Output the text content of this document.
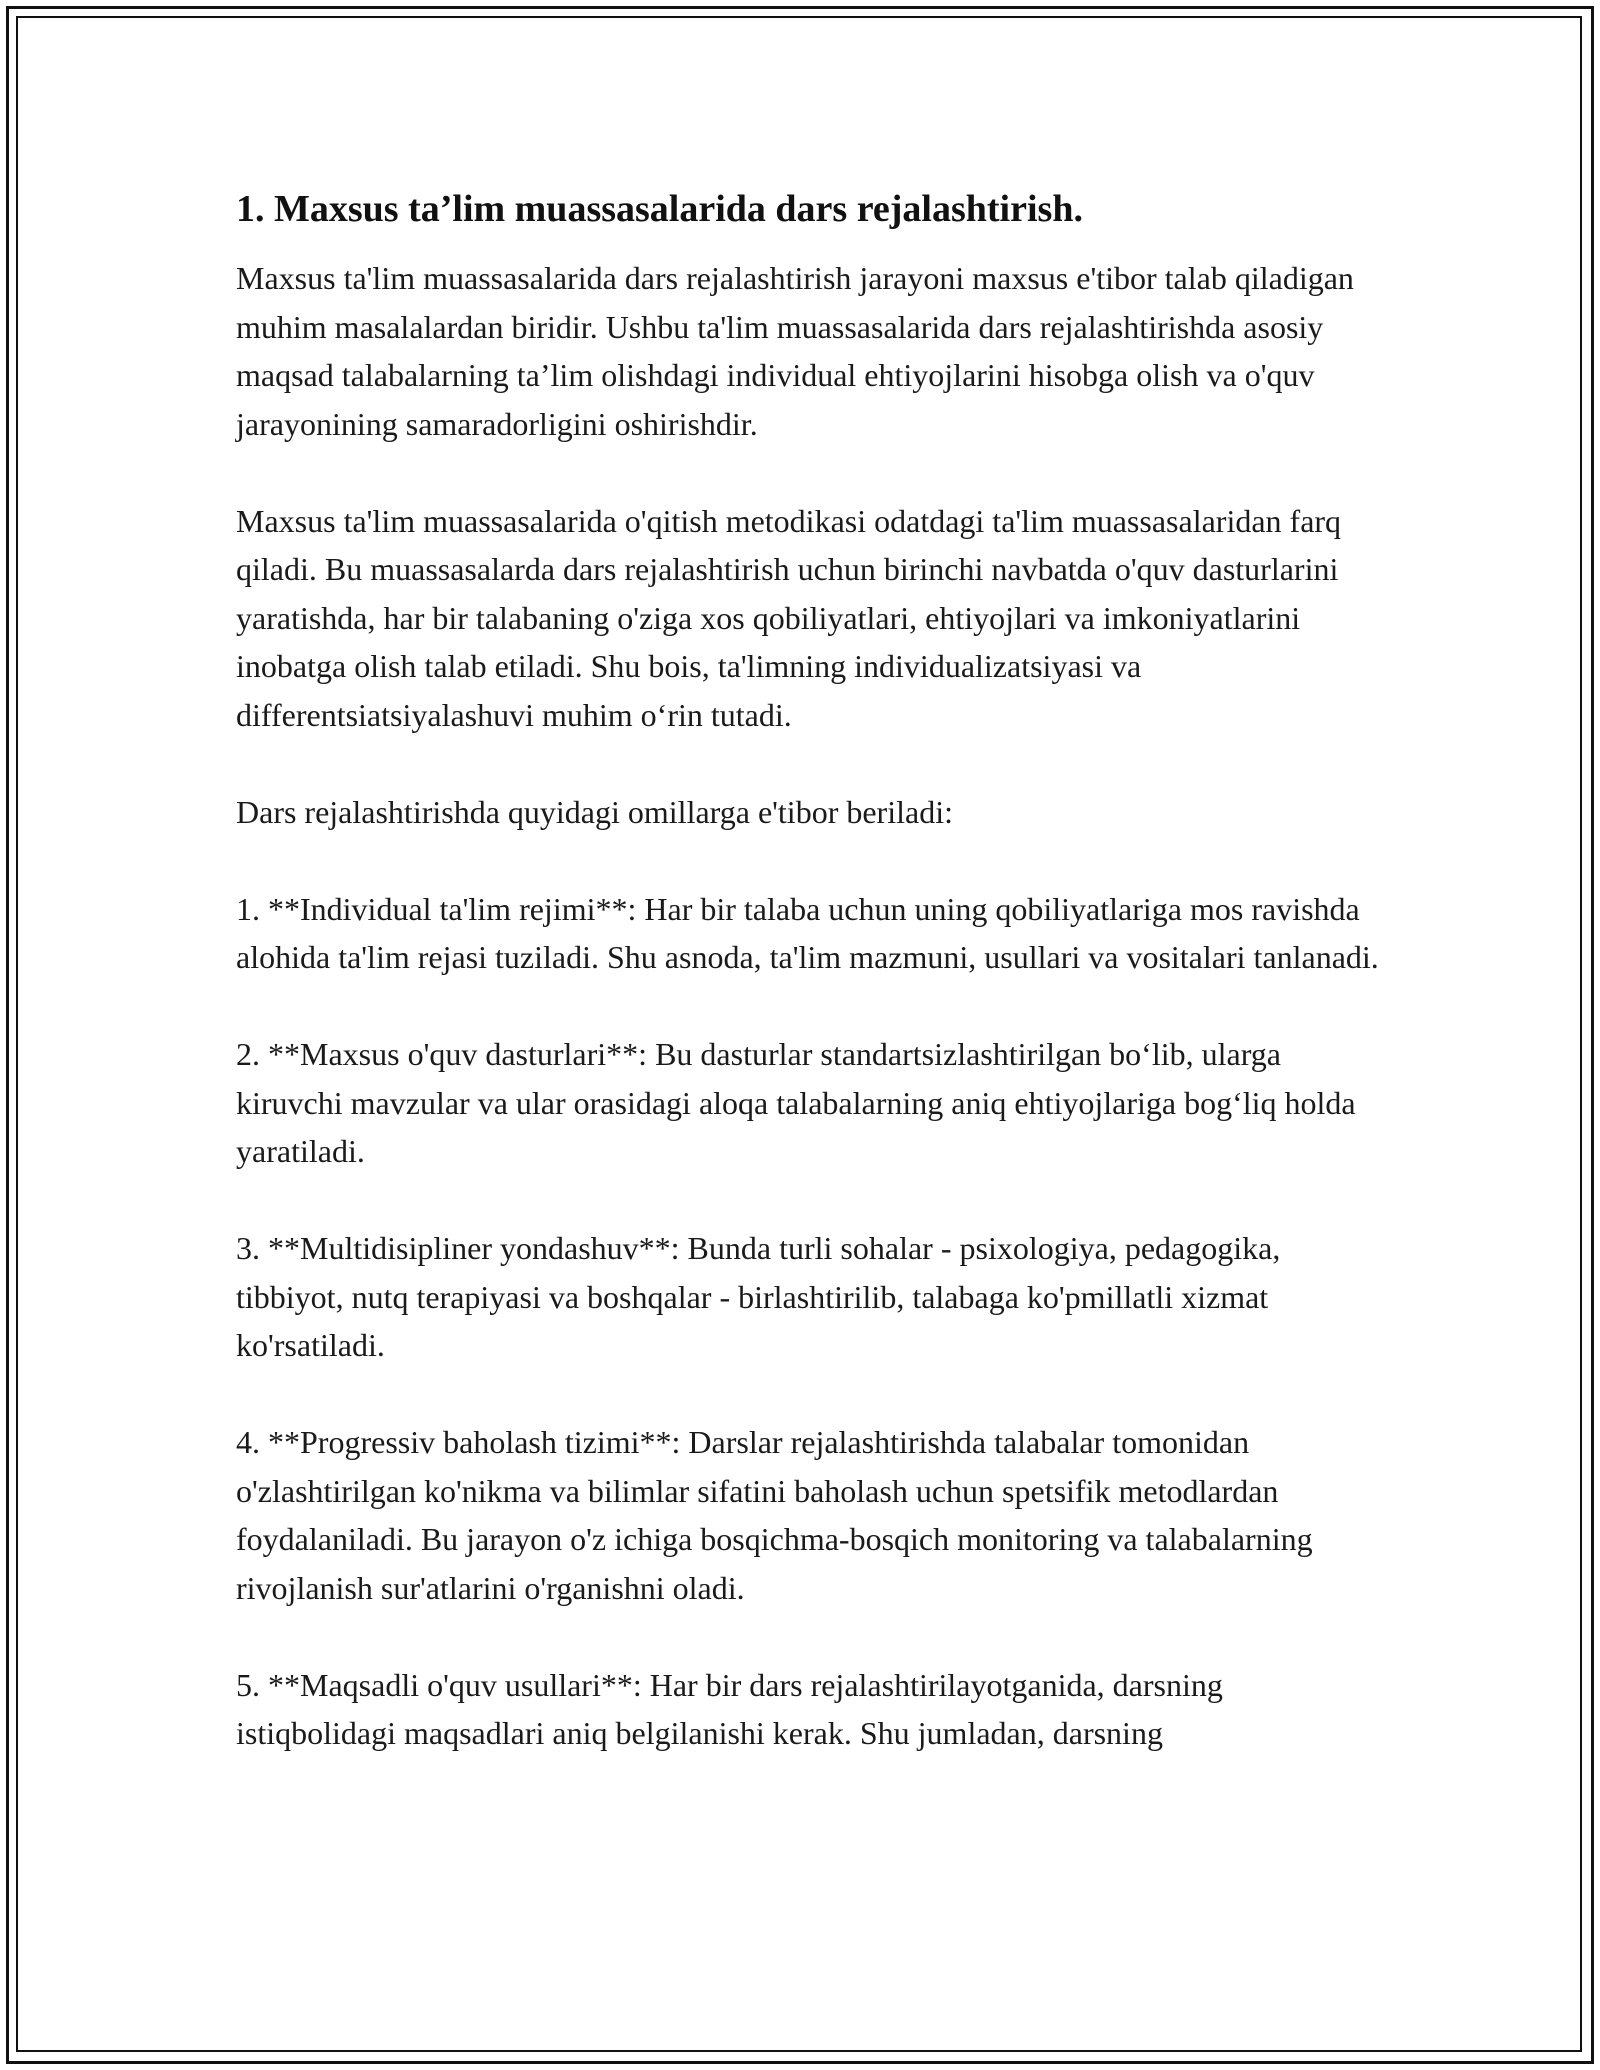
1. Maxsus ta’lim muassasalarida dars rejalashtirish.

Maxsus ta'lim muassasalarida dars rejalashtirish jarayoni maxsus e'tibor talab qiladigan muhim masalalardan biridir. Ushbu ta'lim muassasalarida dars rejalashtirishda asosiy maqsad talabalarning ta’lim olishdagi individual ehtiyojlarini hisobga olish va o'quv jarayonining samaradorligini oshirishdir.

Maxsus ta'lim muassasalarida o'qitish metodikasi odatdagi ta'lim muassasalaridan farq qiladi. Bu muassasalarda dars rejalashtirish uchun birinchi navbatda o'quv dasturlarini yaratishda, har bir talabaning o'ziga xos qobiliyatlari, ehtiyojlari va imkoniyatlarini inobatga olish talab etiladi. Shu bois, ta'limning individualizatsiyasi va differentsiatsiyalashuvi muhim o‘rin tutadi.

Dars rejalashtirishda quyidagi omillarga e'tibor beriladi:

1. **Individual ta'lim rejimi**: Har bir talaba uchun uning qobiliyatlariga mos ravishda alohida ta'lim rejasi tuziladi. Shu asnoda, ta'lim mazmuni, usullari va vositalari tanlanadi.

2. **Maxsus o'quv dasturlari**: Bu dasturlar standartsizlashtirilgan bo‘lib, ularga kiruvchi mavzular va ular orasidagi aloqa talabalarning aniq ehtiyojlariga bog‘liq holda yaratiladi.

3. **Multidisipliner yondashuv**: Bunda turli sohalar - psixologiya, pedagogika, tibbiyot, nutq terapiyasi va boshqalar - birlashtirilib, talabaga ko'pmillatli xizmat ko'rsatiladi.

4. **Progressiv baholash tizimi**: Darslar rejalashtirishda talabalar tomonidan o'zlashtirilgan ko'nikma va bilimlar sifatini baholash uchun spetsifik metodlardan foydalaniladi. Bu jarayon o'z ichiga bosqichma-bosqich monitoring va talabalarning rivojlanish sur'atlarini o'rganishni oladi.

5. **Maqsadli o'quv usullari**: Har bir dars rejalashtirilayotganida, darsning istiqbolidagi maqsadlari aniq belgilanishi kerak. Shu jumladan, darsning
